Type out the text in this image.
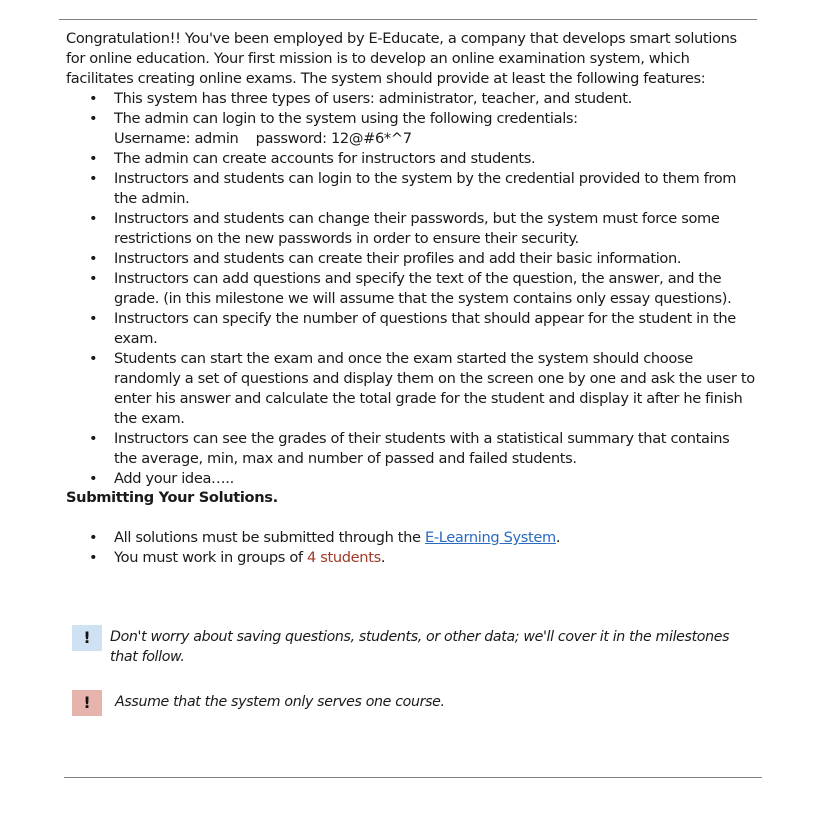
Congratulation!! You've been employed by E-Educate, a company that develops smart solutions for online education. Your first mission is to develop an online examination system, which facilitates creating online exams. The system should provide at least the following features:

• This system has three types of users: administrator, teacher, and student.
• The admin can login to the system using the following credentials:
Username: admin password: 12@#6*^7
• The admin can create accounts for instructors and students.
• Instructors and students can login to the system by the credential provided to them from the admin.
• Instructors and students can change their passwords, but the system must force some restrictions on the new passwords in order to ensure their security.
• Instructors and students can create their profiles and add their basic information.
• Instructors can add questions and specify the text of the question, the answer, and the grade. (in this milestone we will assume that the system contains only essay questions).
• Instructors can specify the number of questions that should appear for the student in the exam.
• Students can start the exam and once the exam started the system should choose randomly a set of questions and display them on the screen one by one and ask the user to enter his answer and calculate the total grade for the student and display it after he finish the exam.
• Instructors can see the grades of their students with a statistical summary that contains the average, min, max and number of passed and failed students.
• Add your idea…..

Submitting Your Solutions.

• All solutions must be submitted through the E-Learning System.
• You must work in groups of 4 students.
!	Don't worry about saving questions, students, or other data; we'll cover it in the milestones that follow.
!	Assume that the system only serves one course.
